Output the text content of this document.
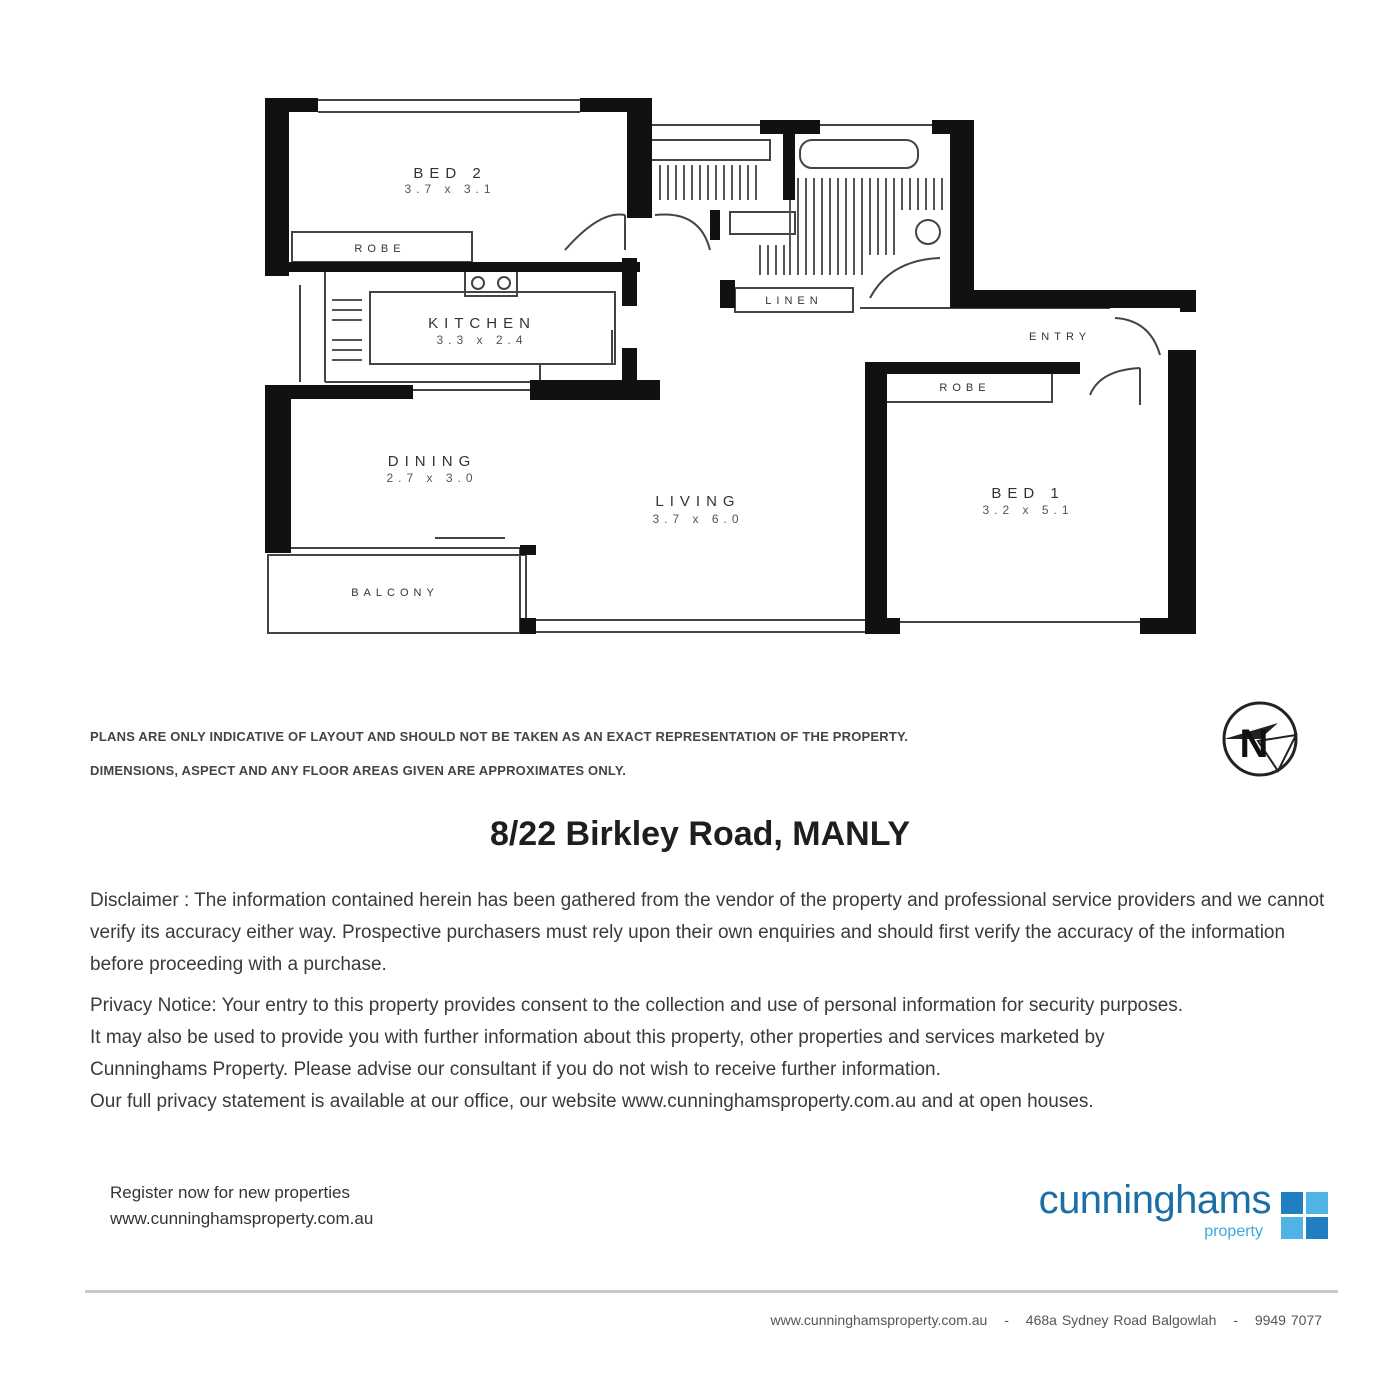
BED 2
3.7 x 3.1
ROBE
KITCHEN
3.3 x 2.4
DINING
2.7 x 3.0
LIVING
3.7 x 6.0
BED 1
3.2 x 5.1
ROBE
LINEN
BALCONY
ENTRY
PLANS ARE ONLY INDICATIVE OF LAYOUT AND SHOULD NOT BE TAKEN AS AN EXACT REPRESENTATION OF THE PROPERTY.
DIMENSIONS, ASPECT AND ANY FLOOR AREAS GIVEN ARE APPROXIMATES ONLY.
N
8/22 Birkley Road, MANLY
Disclaimer : The information contained herein has been gathered from the vendor of the property and professional service providers and we cannot verify its accuracy either way. Prospective purchasers must rely upon their own enquiries and should first verify the accuracy of the information before proceeding with a purchase.
Privacy Notice: Your entry to this property provides consent to the collection and use of personal information for security purposes.
It may also be used to provide you with further information about this property, other properties and services marketed by
Cunninghams Property. Please advise our consultant if you do not wish to receive further information.
Our full privacy statement is available at our office, our website www.cunninghamsproperty.com.au and at open houses.
Register now for new properties
www.cunninghamsproperty.com.au	cunninghams
property
www.cunninghamsproperty.com.au - 468a Sydney Road Balgowlah - 9949 7077
